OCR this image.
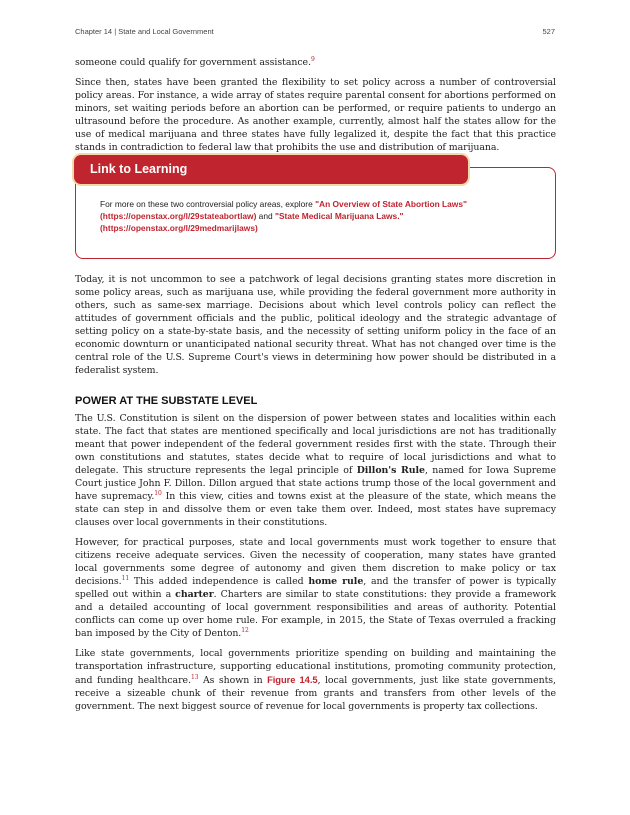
Chapter 14 | State and Local Government	527

someone could qualify for government assistance.$^9$

Since then, states have been granted the flexibility to set policy across a number of controversial policy areas. For instance, a wide array of states require parental consent for abortions performed on minors, set waiting periods before an abortion can be performed, or require patients to undergo an ultrasound before the procedure. As another example, currently, almost half the states allow for the use of medical marijuana and three states have fully legalized it, despite the fact that this practice stands in contradiction to federal law that prohibits the use and distribution of marijuana.

Link to Learning
For more on these two controversial policy areas, explore "An Overview of State Abortion Laws" (https://openstax.org/l/29stateabortlaw) and "State Medical Marijuana Laws." (https://openstax.org/l/29medmarijlaws)

Today, it is not uncommon to see a patchwork of legal decisions granting states more discretion in some policy areas, such as marijuana use, while providing the federal government more authority in others, such as same-sex marriage. Decisions about which level controls policy can reflect the attitudes of government officials and the public, political ideology and the strategic advantage of setting policy on a state-by-state basis, and the necessity of setting uniform policy in the face of an economic downturn or unanticipated national security threat. What has not changed over time is the central role of the U.S. Supreme Court's views in determining how power should be distributed in a federalist system.

POWER AT THE SUBSTATE LEVEL

The U.S. Constitution is silent on the dispersion of power between states and localities within each state. The fact that states are mentioned specifically and local jurisdictions are not has traditionally meant that power independent of the federal government resides first with the state. Through their own constitutions and statutes, states decide what to require of local jurisdictions and what to delegate. This structure represents the legal principle of Dillon's Rule, named for Iowa Supreme Court justice John F. Dillon. Dillon argued that state actions trump those of the local government and have supremacy.$^{10}$ In this view, cities and towns exist at the pleasure of the state, which means the state can step in and dissolve them or even take them over. Indeed, most states have supremacy clauses over local governments in their constitutions.

However, for practical purposes, state and local governments must work together to ensure that citizens receive adequate services. Given the necessity of cooperation, many states have granted local governments some degree of autonomy and given them discretion to make policy or tax decisions.$^{11}$ This added independence is called home rule, and the transfer of power is typically spelled out within a charter. Charters are similar to state constitutions: they provide a framework and a detailed accounting of local government responsibilities and areas of authority. Potential conflicts can come up over home rule. For example, in 2015, the State of Texas overruled a fracking ban imposed by the City of Denton.$^{12}$

Like state governments, local governments prioritize spending on building and maintaining the transportation infrastructure, supporting educational institutions, promoting community protection, and funding healthcare.$^{13}$ As shown in Figure 14.5, local governments, just like state governments, receive a sizeable chunk of their revenue from grants and transfers from other levels of the government. The next biggest source of revenue for local governments is property tax collections.
